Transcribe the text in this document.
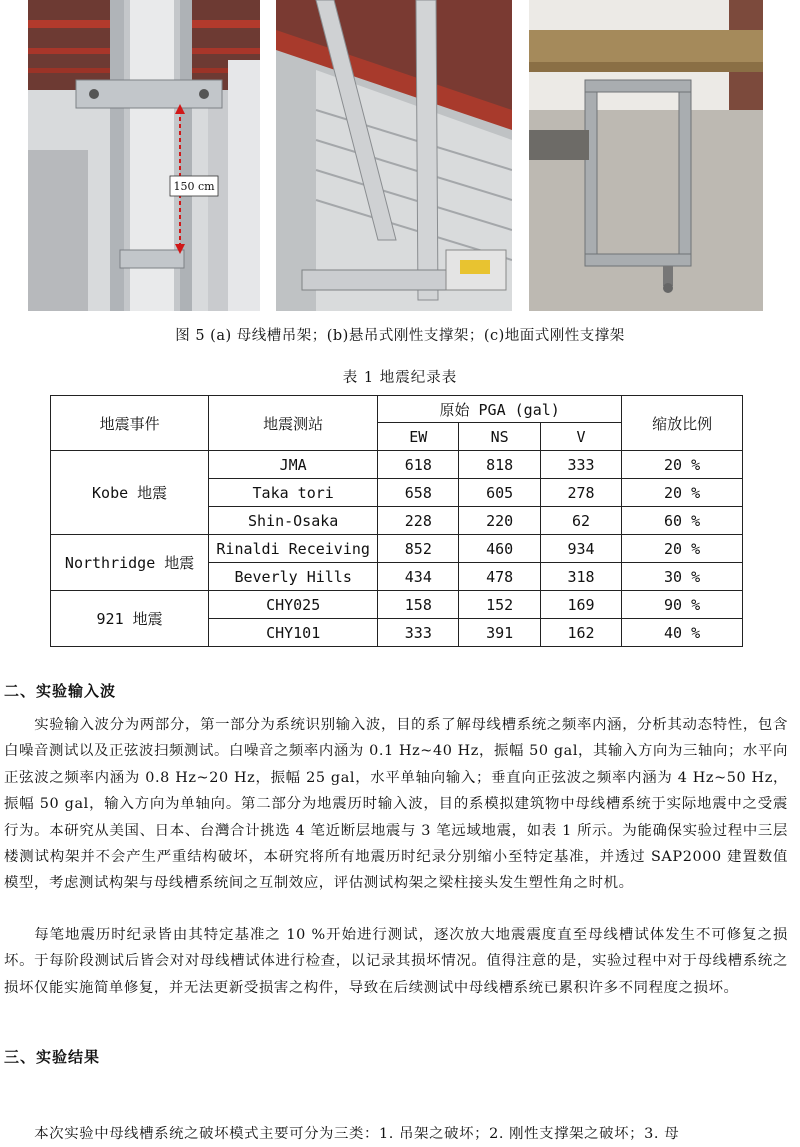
150 cm
图 5 (a) 母线槽吊架；(b)悬吊式刚性支撑架；(c)地面式刚性支撑架
表 1 地震纪录表
地震事件	地震测站	原始 PGA (gal)			缩放比例
		EW	NS	V	
Kobe 地震	JMA	618	818	333	20 %
	Taka tori	658	605	278	20 %
	Shin-Osaka	228	220	62	60 %
Northridge 地震	Rinaldi Receiving	852	460	934	20 %
	Beverly Hills	434	478	318	30 %
921 地震	CHY025	158	152	169	90 %
	CHY101	333	391	162	40 %
二、实验输入波

实验输入波分为两部分，第一部分为系统识别输入波，目的系了解母线槽系统之频率内涵，分析其动态特性，包含白噪音测试以及正弦波扫频测试。白噪音之频率内涵为 0.1 Hz~40 Hz，振幅 50 gal，其输入方向为三轴向；水平向正弦波之频率内涵为 0.8 Hz~20 Hz，振幅 25 gal，水平单轴向输入；垂直向正弦波之频率内涵为 4 Hz~50 Hz，振幅 50 gal，输入方向为单轴向。第二部分为地震历时输入波，目的系模拟建筑物中母线槽系统于实际地震中之受震行为。本研究从美国、日本、台灣合计挑选 4 笔近断层地震与 3 笔远域地震，如表 1 所示。为能确保实验过程中三层楼测试构架并不会产生严重结构破坏，本研究将所有地震历时纪录分别缩小至特定基准，并透过 SAP2000 建置数值模型，考虑测试构架与母线槽系统间之互制效应，评估测试构架之梁柱接头发生塑性角之时机。

每笔地震历时纪录皆由其特定基准之 10 %开始进行测试，逐次放大地震震度直至母线槽试体发生不可修复之损坏。于每阶段测试后皆会对对母线槽试体进行检查，以记录其损坏情况。值得注意的是，实验过程中对于母线槽系统之损坏仅能实施简单修复，并无法更新受损害之构件，导致在后续测试中母线槽系统已累积许多不同程度之损坏。

三、实验结果

本次实验中母线槽系统之破坏模式主要可分为三类：1. 吊架之破坏；2. 刚性支撑架之破坏；3. 母
